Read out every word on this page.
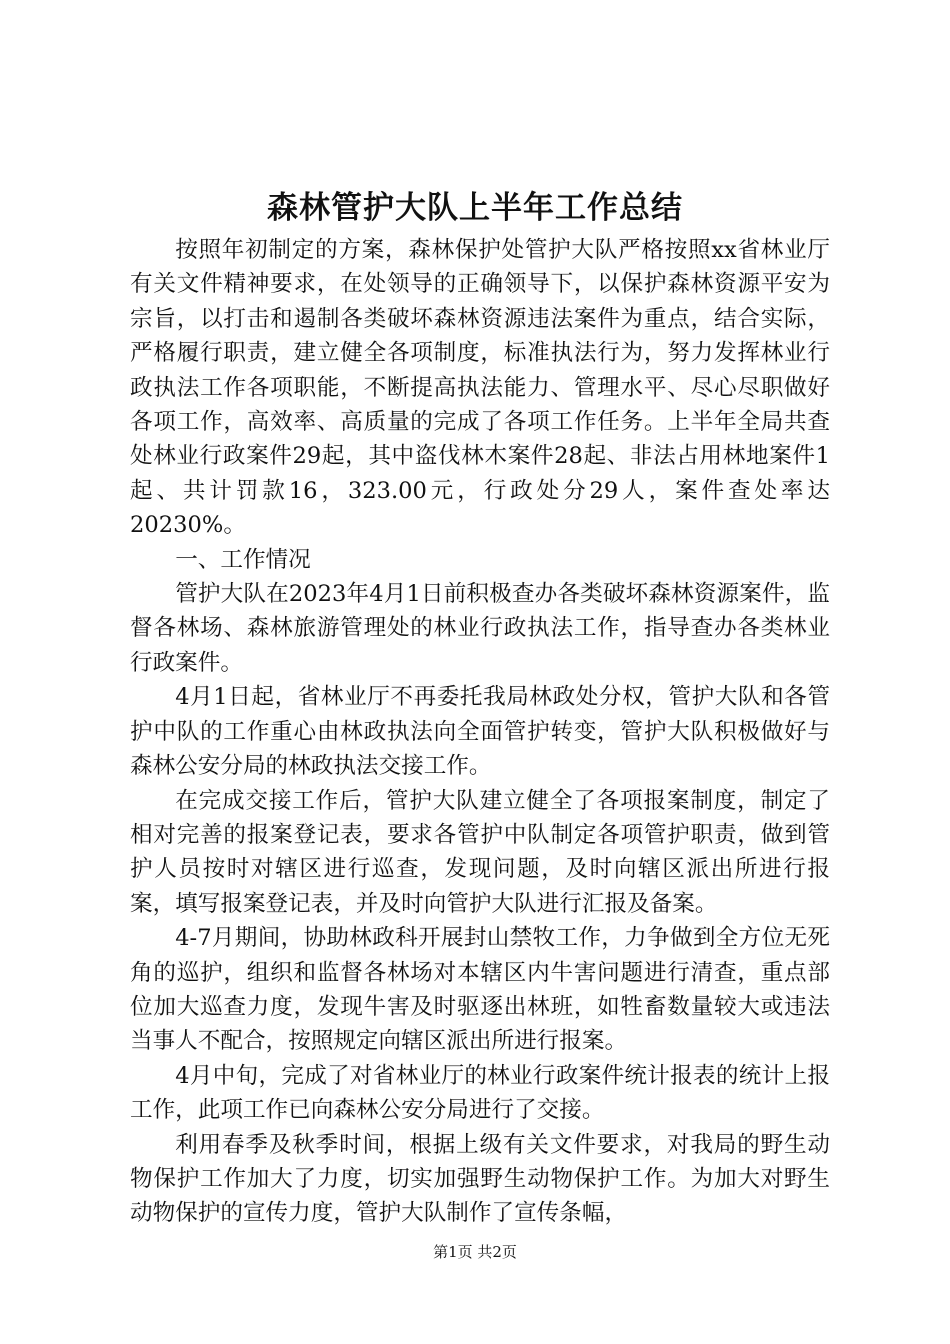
森林管护大队上半年工作总结

按照年初制定的方案，森林保护处管护大队严格按照xx省林业厅有关文件精神要求，在处领导的正确领导下，以保护森林资源平安为宗旨，以打击和遏制各类破坏森林资源违法案件为重点，结合实际，严格履行职责，建立健全各项制度，标准执法行为，努力发挥林业行政执法工作各项职能，不断提高执法能力、管理水平、尽心尽职做好各项工作，高效率、高质量的完成了各项工作任务。上半年全局共查处林业行政案件29起，其中盗伐林木案件28起、非法占用林地案件1起、共计罚款16，323.00元，行政处分29人，案件查处率达20230%。

一、工作情况

管护大队在2023年4月1日前积极查办各类破坏森林资源案件，监督各林场、森林旅游管理处的林业行政执法工作，指导查办各类林业行政案件。

4月1日起，省林业厅不再委托我局林政处分权，管护大队和各管护中队的工作重心由林政执法向全面管护转变，管护大队积极做好与森林公安分局的林政执法交接工作。

在完成交接工作后，管护大队建立健全了各项报案制度，制定了相对完善的报案登记表，要求各管护中队制定各项管护职责，做到管护人员按时对辖区进行巡查，发现问题，及时向辖区派出所进行报案，填写报案登记表，并及时向管护大队进行汇报及备案。

4-7月期间，协助林政科开展封山禁牧工作，力争做到全方位无死角的巡护，组织和监督各林场对本辖区内牛害问题进行清查，重点部位加大巡查力度，发现牛害及时驱逐出林班，如牲畜数量较大或违法当事人不配合，按照规定向辖区派出所进行报案。

4月中旬，完成了对省林业厅的林业行政案件统计报表的统计上报工作，此项工作已向森林公安分局进行了交接。

利用春季及秋季时间，根据上级有关文件要求，对我局的野生动物保护工作加大了力度，切实加强野生动物保护工作。为加大对野生动物保护的宣传力度，管护大队制作了宣传条幅，

第1页 共2页
